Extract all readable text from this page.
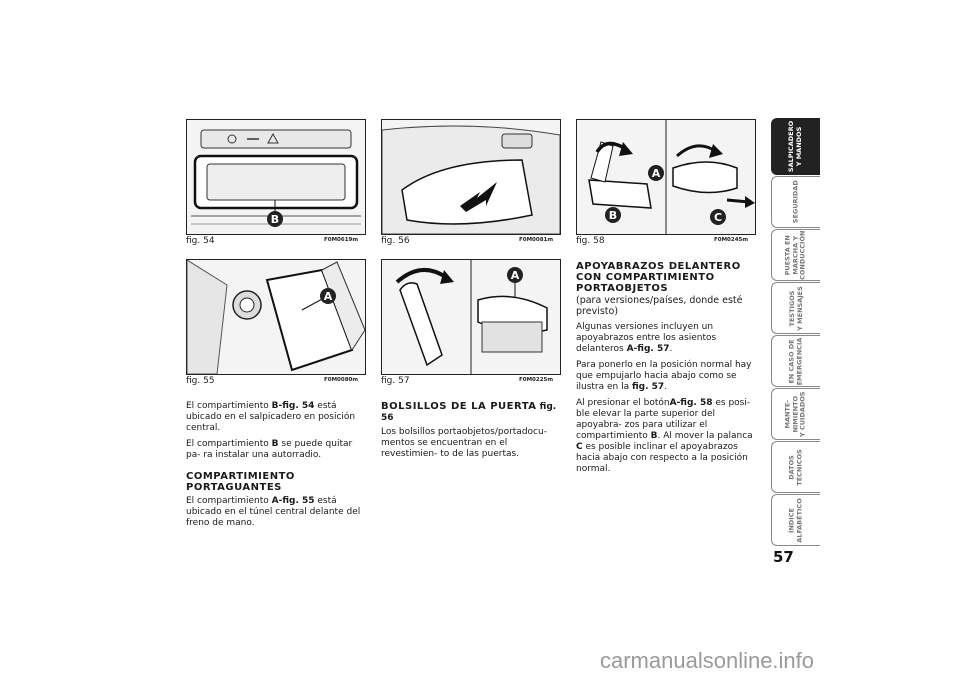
B
fig. 54	F0M0619m
A
fig. 55	F0M0080m
fig. 56	F0M0081m
A
fig. 57	F0M0225m
A
B	C
fig. 58	F0M0245m

El compartimiento B-fig. 54 está ubicado en el salpicadero en posición central.

El compartimiento B se puede quitar pa- ra instalar una autorradio.

COMPARTIMIENTO PORTAGUANTES

El compartimiento A-fig. 55 está ubicado en el túnel central delante del freno de mano.

BOLSILLOS DE LA PUERTA fig. 56

Los bolsillos portaobjetos/portadocu- mentos se encuentran en el revestimien- to de las puertas.

APOYABRAZOS DELANTERO CON COMPARTIMIENTO PORTAOBJETOS

(para versiones/países, donde esté previsto)

Algunas versiones incluyen un apoyabrazos entre los asientos delanteros A-fig. 57.

Para ponerlo en la posición normal hay que empujarlo hacia abajo como se ilustra en la fig. 57.

Al presionar el botónA-fig. 58 es posi- ble elevar la parte superior del apoyabra- zos para utilizar el compartimiento B. Al mover la palanca C es posible inclinar el apoyabrazos hacia abajo con respecto a la posición normal.

SALPICADERO
Y MANDOS
SEGURIDAD
PUESTA EN
MARCHA Y
CONDUCCIÓN
TESTIGOS
Y MENSAJES
EN CASO DE
EMERGENCIA
MANTE-
NIMIENTO
Y CUIDADOS
DATOS
TÉCNICOS
ÍNDICE
ALFABÉTICO
57
carmanualsonline.info
